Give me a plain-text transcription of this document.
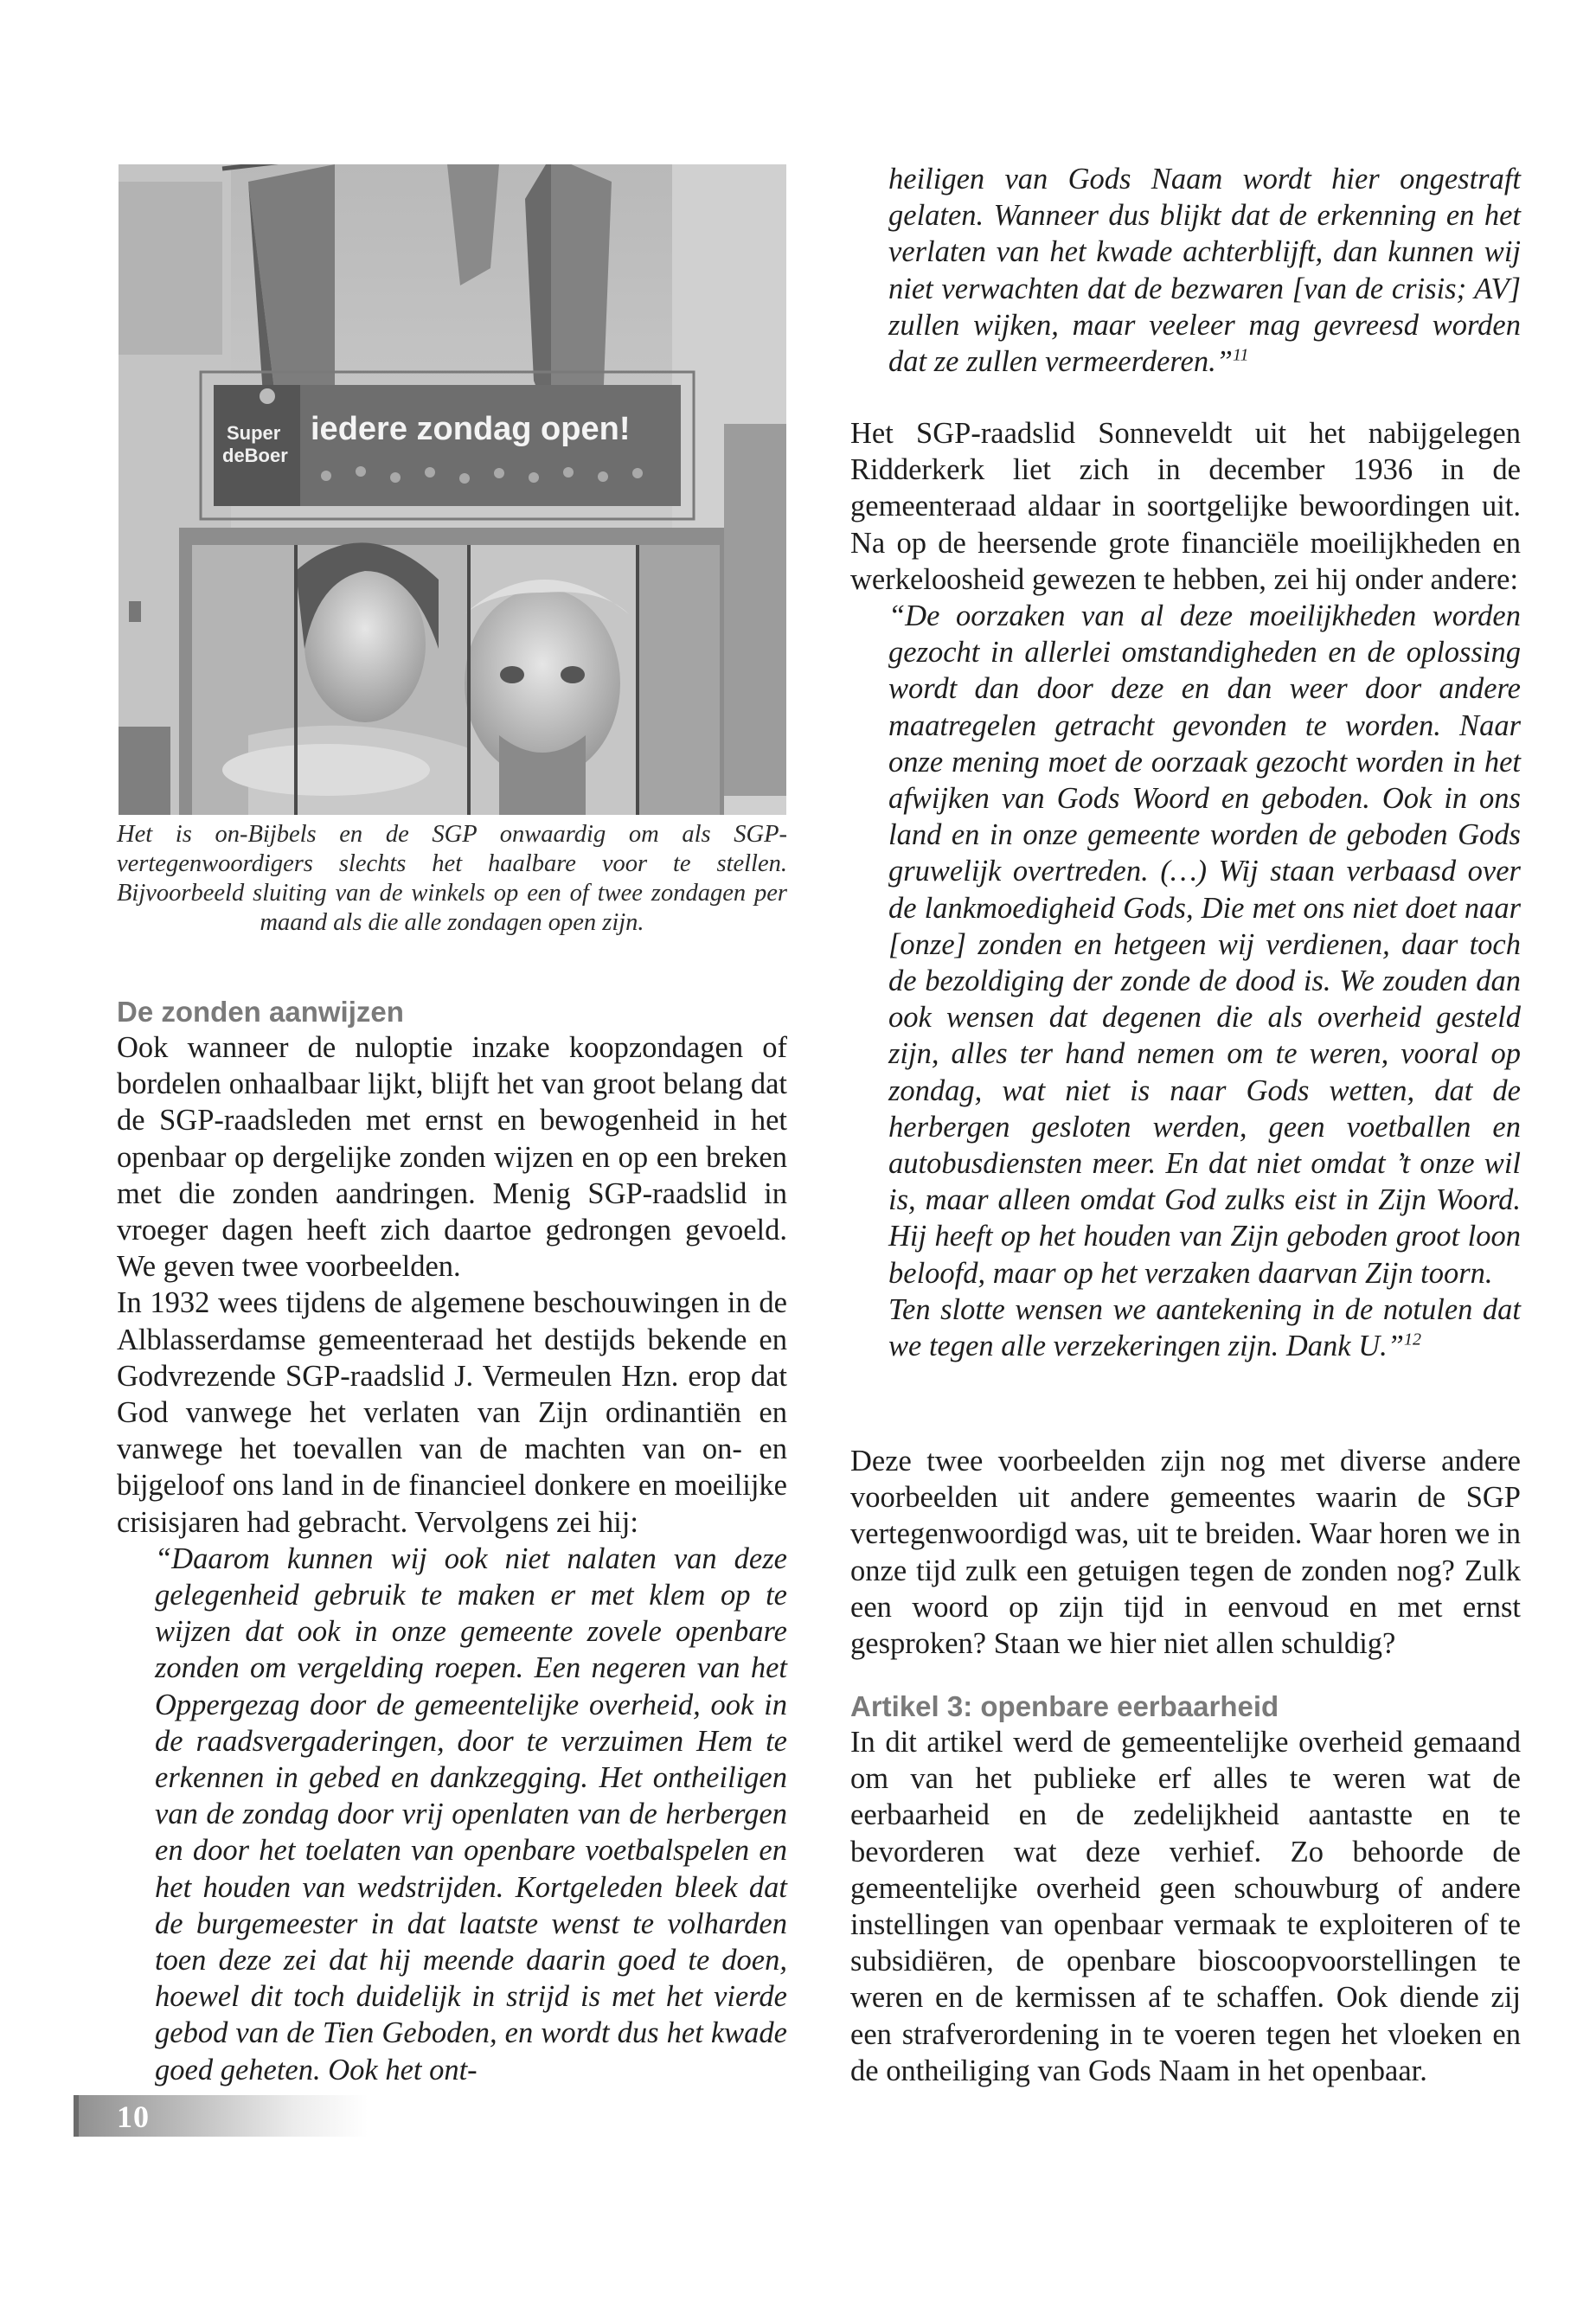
Super
deBoer
iedere zondag open!

Het is on-Bijbels en de SGP onwaardig om als SGP-vertegenwoordigers slechts het haalbare voor te stellen. Bijvoorbeeld sluiting van de winkels op een of twee zondagen per maand als die alle zondagen open zijn.

De zonden aanwijzen

Ook wanneer de nuloptie inzake koopzondagen of bordelen onhaalbaar lijkt, blijft het van groot belang dat de SGP-raadsleden met ernst en bewogenheid in het openbaar op dergelijke zonden wijzen en op een breken met die zonden aandringen. Menig SGP-raadslid in vroeger dagen heeft zich daartoe gedrongen gevoeld. We geven twee voorbeelden.

In 1932 wees tijdens de algemene beschouwingen in de Alblasserdamse gemeenteraad het destijds bekende en Godvrezende SGP-raadslid J. Vermeulen Hzn. erop dat God vanwege het verlaten van Zijn ordinantiën en vanwege het toevallen van de machten van on- en bijgeloof ons land in de financieel donkere en moeilijke crisisjaren had gebracht. Vervolgens zei hij:

“Daarom kunnen wij ook niet nalaten van deze gelegenheid gebruik te maken er met klem op te wijzen dat ook in onze gemeente zovele openbare zonden om vergelding roepen. Een negeren van het Oppergezag door de gemeentelijke overheid, ook in de raadsvergaderingen, door te verzuimen Hem te erkennen in gebed en dankzegging. Het ontheiligen van de zondag door vrij openlaten van de herbergen en door het toelaten van openbare voetbalspelen en het houden van wedstrijden. Kortgeleden bleek dat de burgemeester in dat laatste wenst te volharden toen deze zei dat hij meende daarin goed te doen, hoewel dit toch duidelijk in strijd is met het vierde gebod van de Tien Geboden, en wordt dus het kwade goed geheten. Ook het ont-

heiligen van Gods Naam wordt hier ongestraft gelaten. Wanneer dus blijkt dat de erkenning en het verlaten van het kwade achterblijft, dan kunnen wij niet verwachten dat de bezwaren [van de crisis; AV] zullen wijken, maar veeleer mag gevreesd worden dat ze zullen vermeerderen.”$^{11}$

Het SGP-raadslid Sonneveldt uit het nabijgelegen Ridderkerk liet zich in december 1936 in de gemeenteraad aldaar in soortgelijke bewoordingen uit. Na op de heersende grote financiële moeilijkheden en werkeloosheid gewezen te hebben, zei hij onder andere:

“De oorzaken van al deze moeilijkheden worden gezocht in allerlei omstandigheden en de oplossing wordt dan door deze en dan weer door andere maatregelen getracht gevonden te worden. Naar onze mening moet de oorzaak gezocht worden in het afwijken van Gods Woord en geboden. Ook in ons land en in onze gemeente worden de geboden Gods gruwelijk overtreden. (…) Wij staan verbaasd over de lankmoedigheid Gods, Die met ons niet doet naar [onze] zonden en hetgeen wij verdienen, daar toch de bezoldiging der zonde de dood is. We zouden dan ook wensen dat degenen die als overheid gesteld zijn, alles ter hand nemen om te weren, vooral op zondag, wat niet is naar Gods wetten, dat de herbergen gesloten werden, geen voetballen en autobusdiensten meer. En dat niet omdat ’t onze wil is, maar alleen omdat God zulks eist in Zijn Woord. Hij heeft op het houden van Zijn geboden groot loon beloofd, maar op het verzaken daarvan Zijn toorn.

Ten slotte wensen we aantekening in de notulen dat we tegen alle verzekeringen zijn. Dank U.”$^{12}$

Deze twee voorbeelden zijn nog met diverse andere voorbeelden uit andere gemeentes waarin de SGP vertegenwoordigd was, uit te breiden. Waar horen we in onze tijd zulk een getuigen tegen de zonden nog? Zulk een woord op zijn tijd in eenvoud en met ernst gesproken? Staan we hier niet allen schuldig?

Artikel 3: openbare eerbaarheid

In dit artikel werd de gemeentelijke overheid gemaand om van het publieke erf alles te weren wat de eerbaarheid en de zedelijkheid aantastte en te bevorderen wat deze verhief. Zo behoorde de gemeentelijke overheid geen schouwburg of andere instellingen van openbaar vermaak te exploiteren of te subsidiëren, de openbare bioscoopvoorstellingen te weren en de kermissen af te schaffen. Ook diende zij een strafverordening in te voeren tegen het vloeken en de ontheiliging van Gods Naam in het openbaar.

10
